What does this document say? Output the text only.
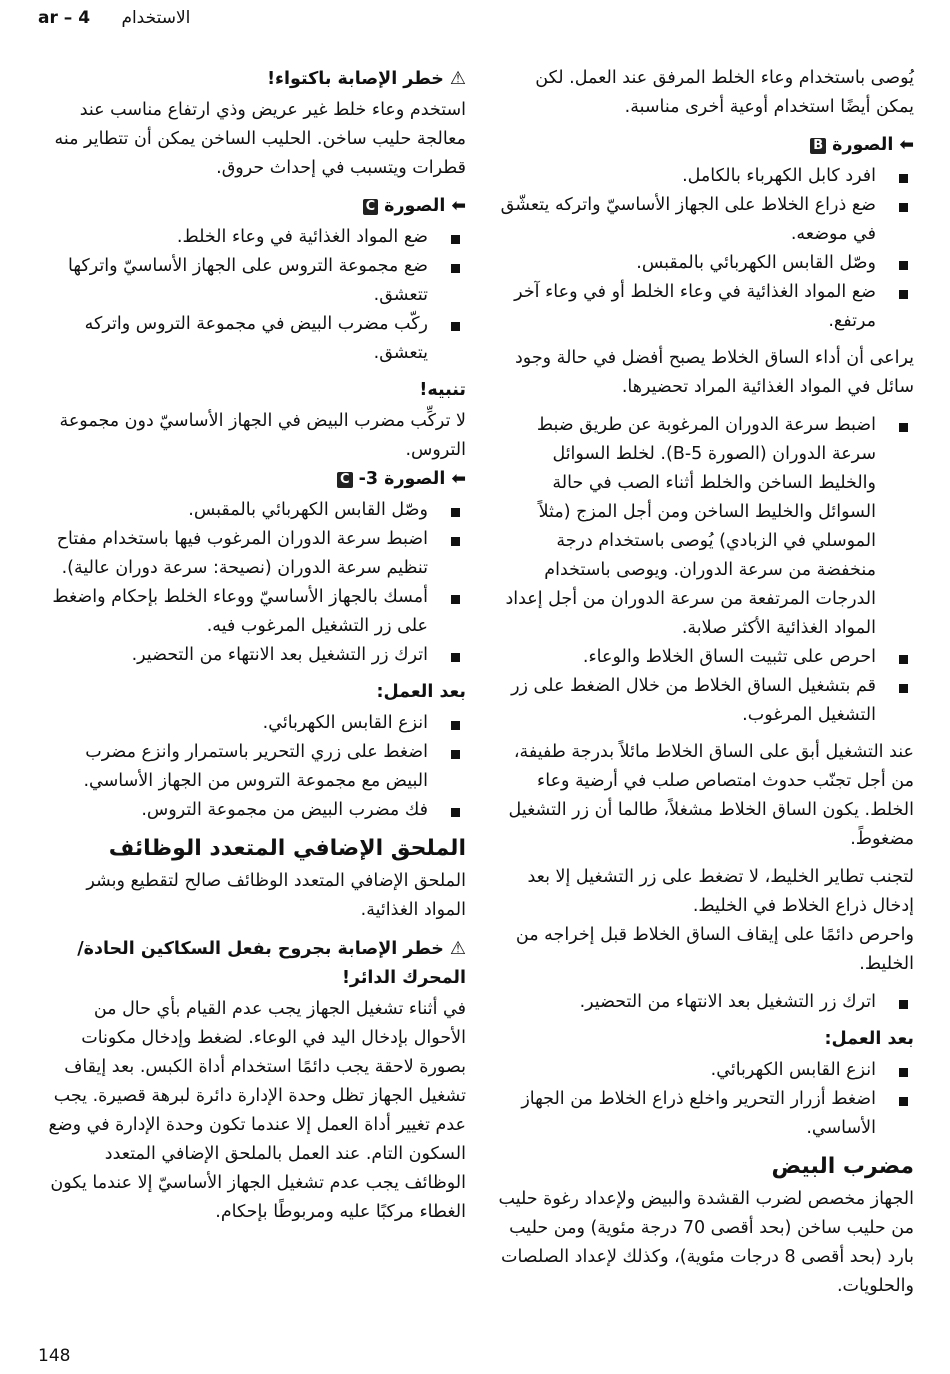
ar – 4 الاستخدام

يُوصى باستخدام وعاء الخلط المرفق عند العمل. لكن يمكن أيضًا استخدام أوعية أخرى مناسبة.

⬅
الصورة
B
افرد كابل الكهرباء بالكامل.
ضع ذراع الخلاط على الجهاز الأساسيّ واتركه يتعشّق في موضعه.
وصّل القابس الكهربائي بالمقبس.
ضع المواد الغذائية في وعاء الخلط أو في وعاء آخر مرتفع.

يراعى أن أداء الساق الخلاط يصبح أفضل في حالة وجود سائل في المواد الغذائية المراد تحضيرها.

اضبط سرعة الدوران المرغوبة عن طريق ضبط سرعة الدوران (الصورة 5-B). لخلط السوائل والخليط الساخن والخلط أثناء الصب في حالة السوائل والخليط الساخن ومن أجل المزج (مثلاً الموسلي في الزبادي) يُوصى باستخدام درجة منخفضة من سرعة الدوران. ويوصى باستخدام الدرجات المرتفعة من سرعة الدوران من أجل إعداد المواد الغذائية الأكثر صلابة.
احرص على تثبيت الساق الخلاط والوعاء.
قم بتشغيل الساق الخلاط من خلال الضغط على زر التشغيل المرغوب.

عند التشغيل أبق على الساق الخلاط مائلاً بدرجة طفيفة، من أجل تجنّب حدوث امتصاص صلب في أرضية وعاء الخلط. يكون الساق الخلاط مشغلاً، طالما أن زر التشغيل مضغوطً.

لتجنب تطاير الخليط، لا تضغط على زر التشغيل إلا بعد إدخال ذراع الخلاط في الخليط.

واحرص دائمًا على إيقاف الساق الخلاط قبل إخراجه من الخليط.

اترك زر التشغيل بعد الانتهاء من التحضير.
بعد العمل:
انزع القابس الكهربائي.
اضغط أزرار التحرير واخلع ذراع الخلاط من الجهاز الأساسي.
مضرب البيض

الجهاز مخصص لضرب القشدة والبيض ولإعداد رغوة حليب من حليب ساخن (بحد أقصى 70 درجة مئوية) ومن حليب بارد (بحد أقصى 8 درجات مئوية)، وكذلك لإعداد الصلصات والحلويات.

⚠خطر الإصابة باكتواء!

استخدم وعاء خلط غير عريض وذي ارتفاع مناسب عند معالجة حليب ساخن. الحليب الساخن يمكن أن تتطاير منه قطرات ويتسبب في إحداث حروق.

⬅
الصورة
C
ضع المواد الغذائية في وعاء الخلط.
ضع مجموعة التروس على الجهاز الأساسيّ واتركها تتعشق.
ركّب مضرب البيض في مجموعة التروس واتركه يتعشق.
تنبيه!

لا تركِّب مضرب البيض في الجهاز الأساسيّ دون مجموعة التروس.

⬅
الصورة 3-
C
وصّل القابس الكهربائي بالمقبس.
اضبط سرعة الدوران المرغوب فيها باستخدام مفتاح تنظيم سرعة الدوران (نصيحة: سرعة دوران عالية).
أمسك بالجهاز الأساسيّ ووعاء الخلط بإحكام واضغط على زر التشغيل المرغوب فيه.
اترك زر التشغيل بعد الانتهاء من التحضير.
بعد العمل:
انزع القابس الكهربائي.
اضغط على زري التحرير باستمرار وانزع مضرب البيض مع مجموعة التروس من الجهاز الأساسي.
فك مضرب البيض من مجموعة التروس.
الملحق الإضافي المتعدد الوظائف

الملحق الإضافي المتعدد الوظائف صالح لتقطيع وبشر المواد الغذائية.

⚠خطر الإصابة بجروح بفعل السكاكين الحادة/ المحرك الدائر!

في أثناء تشغيل الجهاز يجب عدم القيام بأي حال من الأحوال بإدخال اليد في الوعاء. لضغط وإدخال مكونات بصورة لاحقة يجب دائمًا استخدام أداة الكبس. بعد إيقاف تشغيل الجهاز تظل وحدة الإدارة دائرة لبرهة قصيرة. يجب عدم تغيير أداة العمل إلا عندما تكون وحدة الإدارة في وضع السكون التام. عند العمل بالملحق الإضافي المتعدد الوظائف يجب عدم تشغيل الجهاز الأساسيّ إلا عندما يكون الغطاء مركبًا عليه ومربوطًا بإحكام.

148
